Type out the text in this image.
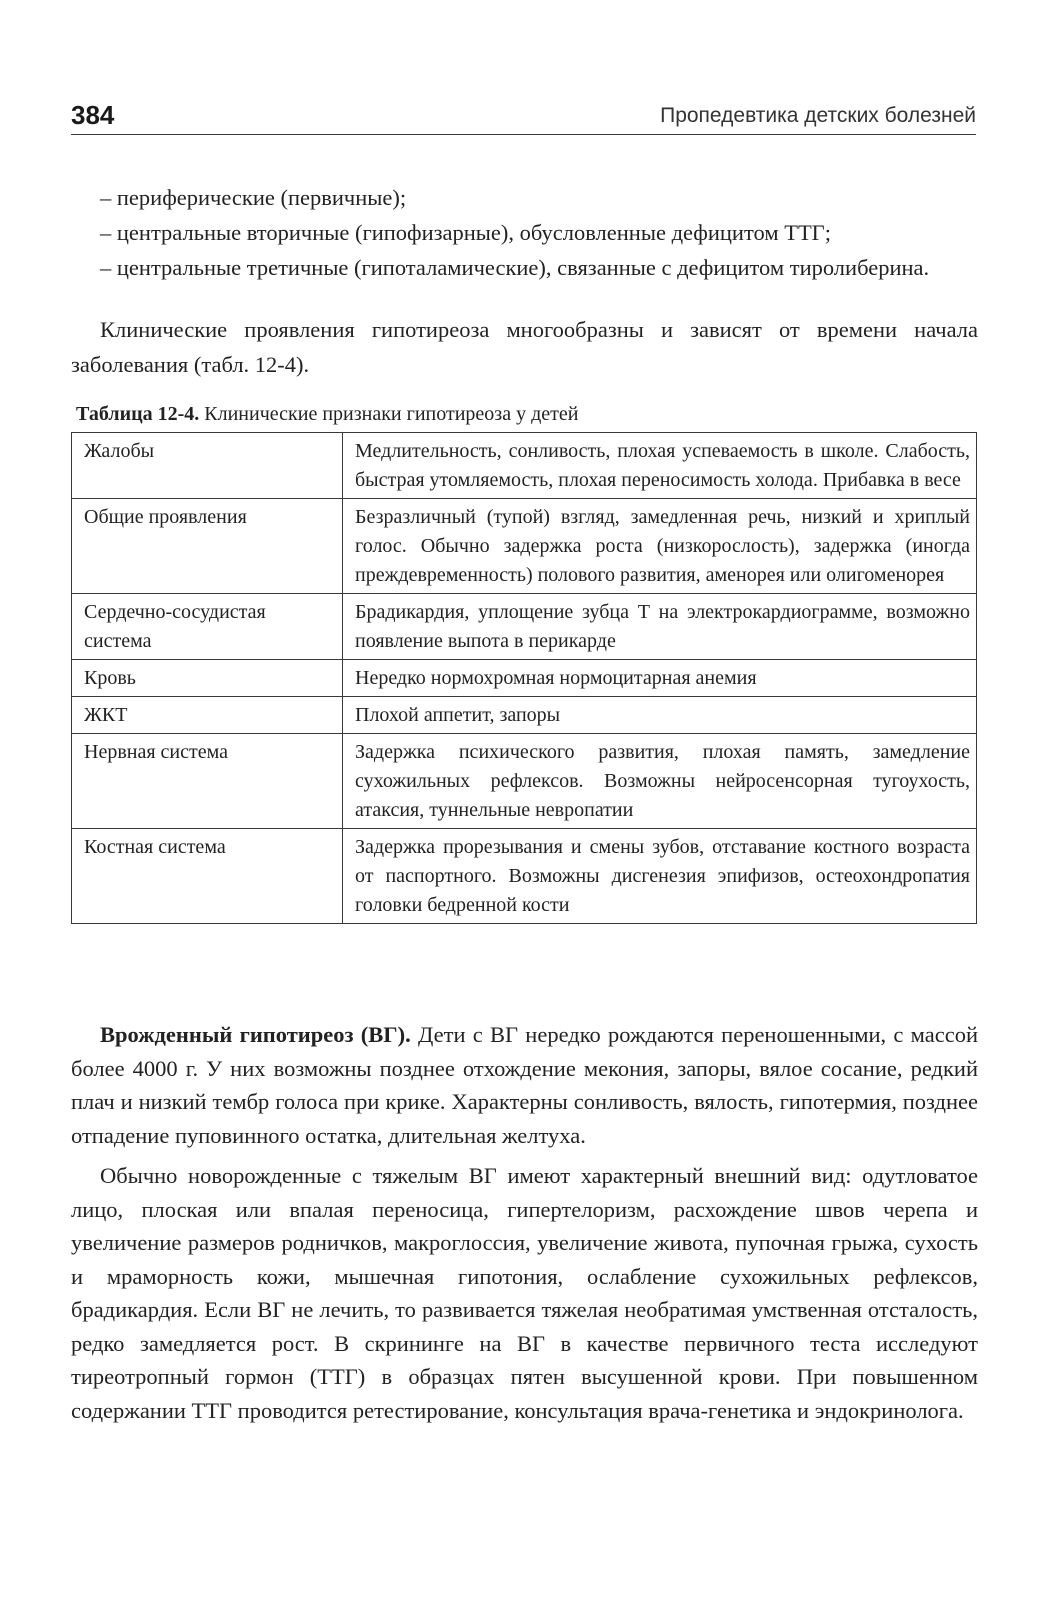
384	Пропедевтика детских болезней
– периферические (первичные);
– центральные вторичные (гипофизарные), обусловленные дефицитом ТТГ;
– центральные третичные (гипоталамические), связанные с дефицитом тиролиберина.
Клинические проявления гипотиреоза многообразны и зависят от времени начала заболевания (табл. 12-4).
Таблица 12-4. Клинические признаки гипотиреоза у детей
Жалобы	Медлительность, сонливость, плохая успеваемость в школе. Слабость, быстрая утомляемость, плохая переносимость холода. Прибавка в весе
Общие проявления	Безразличный (тупой) взгляд, замедленная речь, низкий и хриплый голос. Обычно задержка роста (низкорослость), задержка (иногда преждевременность) полового развития, аменорея или олигоменорея
Сердечно-сосудистая система	Брадикардия, уплощение зубца Т на электрокардиограмме, возможно появление выпота в перикарде
Кровь	Нередко нормохромная нормоцитарная анемия
ЖКТ	Плохой аппетит, запоры
Нервная система	Задержка психического развития, плохая память, замедление сухожильных рефлексов. Возможны нейросенсорная тугоухость, атаксия, туннельные невропатии
Костная система	Задержка прорезывания и смены зубов, отставание костного возраста от паспортного. Возможны дисгенезия эпифизов, остеохондропатия головки бедренной кости

Врожденный гипотиреоз (ВГ). Дети с ВГ нередко рождаются переношенными, с массой более 4000 г. У них возможны позднее отхождение мекония, запоры, вялое сосание, редкий плач и низкий тембр голоса при крике. Характерны сонливость, вялость, гипотермия, позднее отпадение пуповинного остатка, длительная желтуха.

Обычно новорожденные с тяжелым ВГ имеют характерный внешний вид: одутловатое лицо, плоская или впалая переносица, гипертелоризм, расхождение швов черепа и увеличение размеров родничков, макроглоссия, увеличение живота, пупочная грыжа, сухость и мраморность кожи, мышечная гипотония, ослабление сухожильных рефлексов, брадикардия. Если ВГ не лечить, то развивается тяжелая необратимая умственная отсталость, редко замедляется рост. В скрининге на ВГ в качестве первичного теста исследуют тиреотропный гормон (ТТГ) в образцах пятен высушенной крови. При повышенном содержании ТТГ проводится ретестирование, консультация врача-генетика и эндокринолога.
